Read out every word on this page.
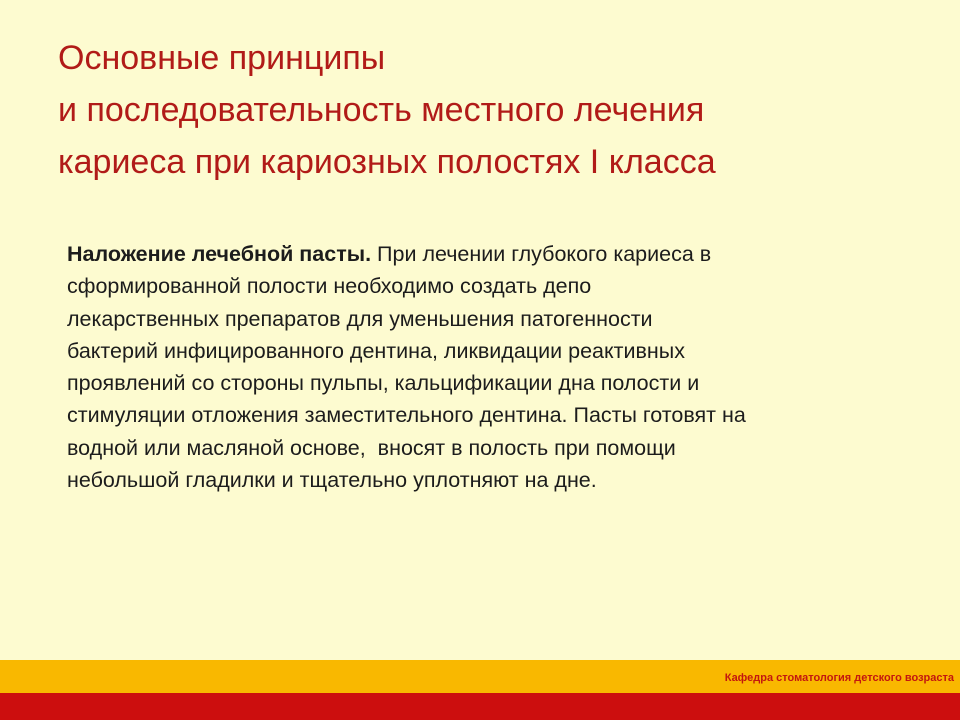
Основные принципы
и последовательность местного лечения
кариеса при кариозных полостях I класса
Наложение лечебной пасты. При лечении глубокого кариеса в
сформированной полости необходимо создать депо
лекарственных препаратов для уменьшения патогенности
бактерий инфицированного дентина, ликвидации реактивных
проявлений со стороны пульпы, кальцификации дна полости и
стимуляции отложения заместительного дентина. Пасты готовят на
водной или масляной основе,  вносят в полость при помощи
небольшой гладилки и тщательно уплотняют на дне.
Кафедра стоматология детского возраста
